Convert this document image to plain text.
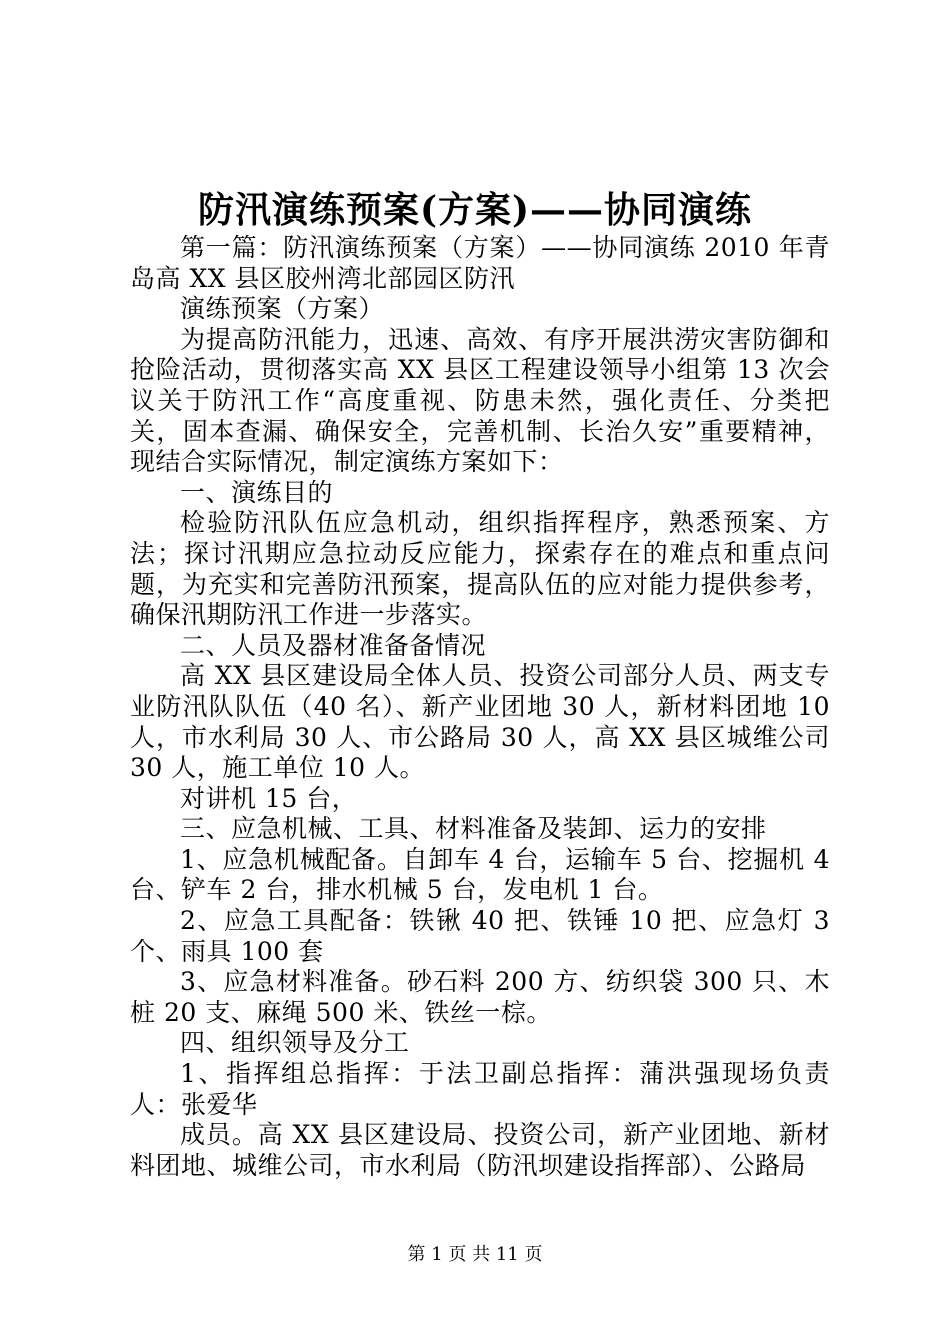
防汛演练预案(方案)——协同演练

第一篇：防汛演练预案（方案）——协同演练 2010 年青岛高 XX 县区胶州湾北部园区防汛

演练预案（方案）

为提高防汛能力，迅速、高效、有序开展洪涝灾害防御和抢险活动，贯彻落实高 XX 县区工程建设领导小组第 13 次会议关于防汛工作“高度重视、防患未然，强化责任、分类把关，固本查漏、确保安全，完善机制、长治久安”重要精神，现结合实际情况，制定演练方案如下：

一、演练目的

检验防汛队伍应急机动，组织指挥程序，熟悉预案、方法；探讨汛期应急拉动反应能力，探索存在的难点和重点问题，为充实和完善防汛预案，提高队伍的应对能力提供参考，确保汛期防汛工作进一步落实。

二、人员及器材准备备情况

高 XX 县区建设局全体人员、投资公司部分人员、两支专业防汛队队伍（40 名）、新产业团地 30 人，新材料团地 10 人，市水利局 30 人、市公路局 30 人，高 XX 县区城维公司 30 人，施工单位 10 人。

对讲机 15 台，

三、应急机械、工具、材料准备及装卸、运力的安排

1、应急机械配备。自卸车 4 台，运输车 5 台、挖掘机 4 台、铲车 2 台，排水机械 5 台，发电机 1 台。

2、应急工具配备：铁锹 40 把、铁锤 10 把、应急灯 3 个、雨具 100 套

3、应急材料准备。砂石料 200 方、纺织袋 300 只、木桩 20 支、麻绳 500 米、铁丝一棕。

四、组织领导及分工

1、指挥组总指挥：于法卫副总指挥：蒲洪强现场负责人：张爱华

成员。高 XX 县区建设局、投资公司，新产业团地、新材料团地、城维公司，市水利局（防汛坝建设指挥部）、公路局

第 1 页 共 11 页
